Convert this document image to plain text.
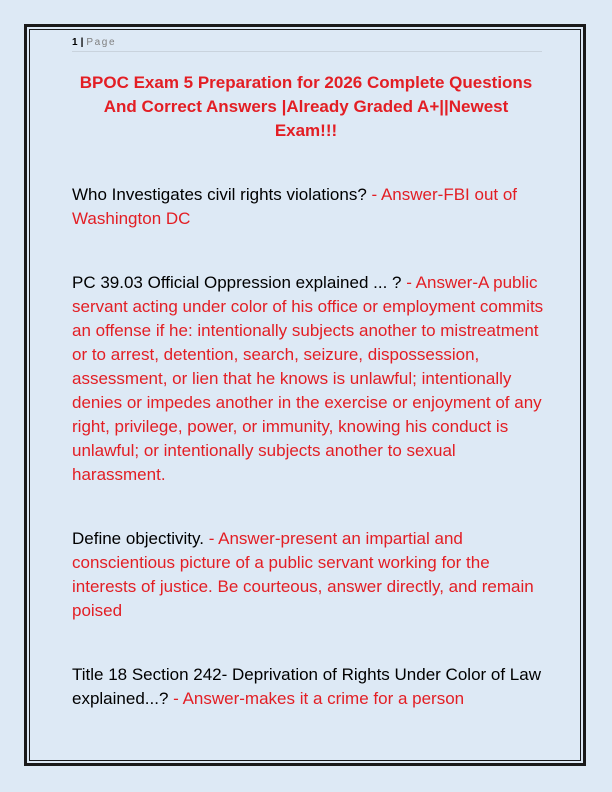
1 | Page
BPOC Exam 5 Preparation for 2026 Complete Questions And Correct Answers |Already Graded A+||Newest Exam!!!
Who Investigates civil rights violations? - Answer-FBI out of Washington DC
PC 39.03 Official Oppression explained ... ? - Answer-A public servant acting under color of his office or employment commits an offense if he: intentionally subjects another to mistreatment or to arrest, detention, search, seizure, dispossession, assessment, or lien that he knows is unlawful; intentionally denies or impedes another in the exercise or enjoyment of any right, privilege, power, or immunity, knowing his conduct is unlawful; or intentionally subjects another to sexual harassment.
Define objectivity. - Answer-present an impartial and conscientious picture of a public servant working for the interests of justice. Be courteous, answer directly, and remain poised
Title 18 Section 242- Deprivation of Rights Under Color of Law explained...? - Answer-makes it a crime for a person
